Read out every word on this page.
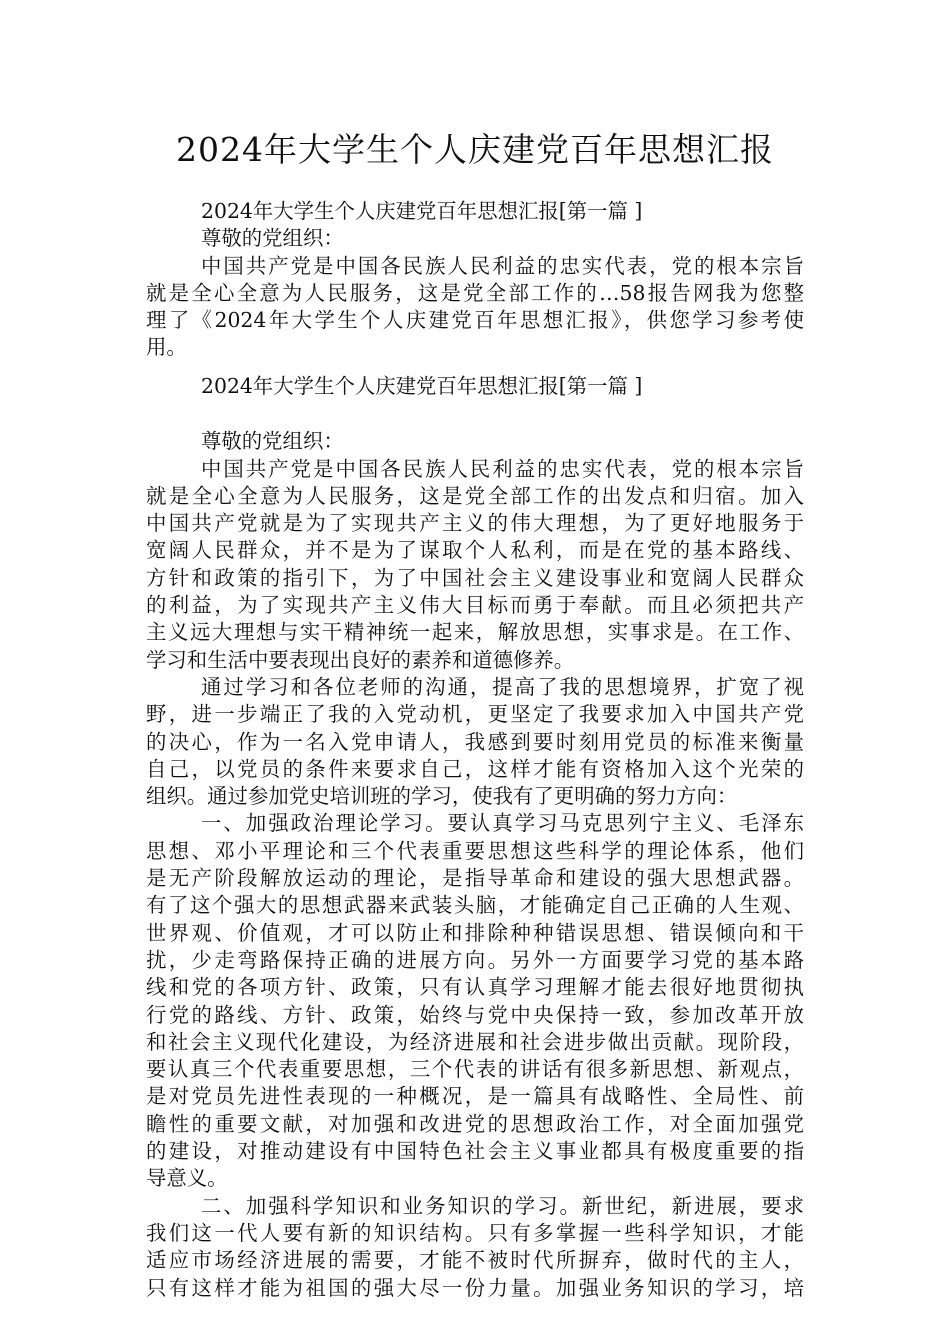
2024年大学生个人庆建党百年思想汇报
2024年大学生个人庆建党百年思想汇报[第一篇 ]
尊敬的党组织：
中国共产党是中国各民族人民利益的忠实代表，党的根本宗旨
就是全心全意为人民服务，这是党全部工作的…58报告网我为您整
理了《2024年大学生个人庆建党百年思想汇报》，供您学习参考使
用。
2024年大学生个人庆建党百年思想汇报[第一篇 ]
尊敬的党组织：
中国共产党是中国各民族人民利益的忠实代表，党的根本宗旨
就是全心全意为人民服务，这是党全部工作的出发点和归宿。加入
中国共产党就是为了实现共产主义的伟大理想，为了更好地服务于
宽阔人民群众，并不是为了谋取个人私利，而是在党的基本路线、
方针和政策的指引下，为了中国社会主义建设事业和宽阔人民群众
的利益，为了实现共产主义伟大目标而勇于奉献。而且必须把共产
主义远大理想与实干精神统一起来，解放思想，实事求是。在工作、
学习和生活中要表现出良好的素养和道德修养。
通过学习和各位老师的沟通，提高了我的思想境界，扩宽了视
野，进一步端正了我的入党动机，更坚定了我要求加入中国共产党
的决心，作为一名入党申请人，我感到要时刻用党员的标准来衡量
自己，以党员的条件来要求自己，这样才能有资格加入这个光荣的
组织。通过参加党史培训班的学习，使我有了更明确的努力方向：
一、加强政治理论学习。要认真学习马克思列宁主义、毛泽东
思想、邓小平理论和三个代表重要思想这些科学的理论体系，他们
是无产阶段解放运动的理论，是指导革命和建设的强大思想武器。
有了这个强大的思想武器来武装头脑，才能确定自己正确的人生观、
世界观、价值观，才可以防止和排除种种错误思想、错误倾向和干
扰，少走弯路保持正确的进展方向。另外一方面要学习党的基本路
线和党的各项方针、政策，只有认真学习理解才能去很好地贯彻执
行党的路线、方针、政策，始终与党中央保持一致，参加改革开放
和社会主义现代化建设，为经济进展和社会进步做出贡献。现阶段，
要认真三个代表重要思想，三个代表的讲话有很多新思想、新观点，
是对党员先进性表现的一种概况，是一篇具有战略性、全局性、前
瞻性的重要文献，对加强和改进党的思想政治工作，对全面加强党
的建设，对推动建设有中国特色社会主义事业都具有极度重要的指
导意义。
二、加强科学知识和业务知识的学习。新世纪，新进展，要求
我们这一代人要有新的知识结构。只有多掌握一些科学知识，才能
适应市场经济进展的需要，才能不被时代所摒弃，做时代的主人，
只有这样才能为祖国的强大尽一份力量。加强业务知识的学习，培
